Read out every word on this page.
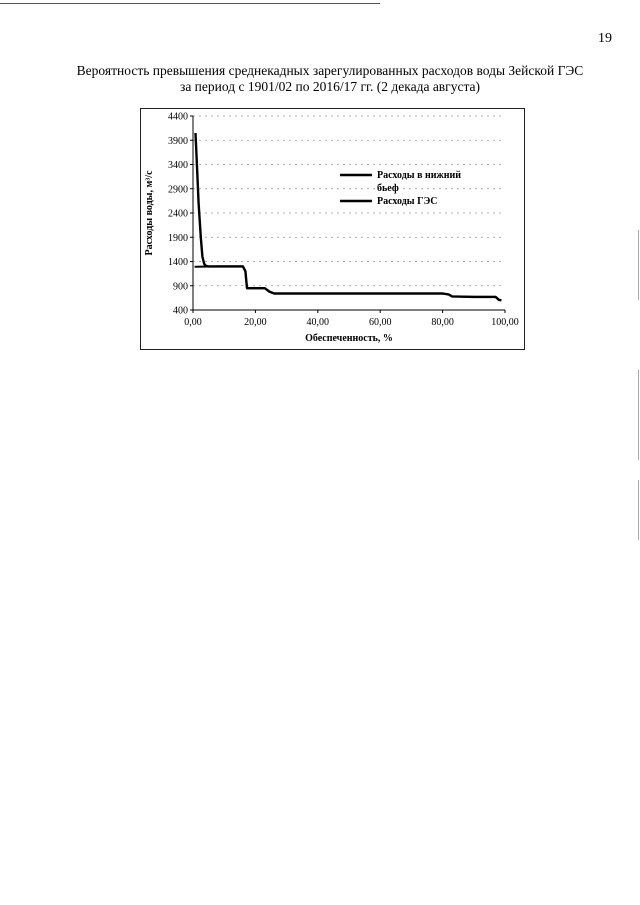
19
Вероятность превышения среднекадных зарегулированных расходов воды Зейской ГЭС
за период с 1901/02 по 2016/17 гг. (2 декада августа)
4400
3900
3400
2900
2400
1900
1400
900
400
0,00	20,00	40,00	60,00	80,00	100,00
Обеспеченность, %
Расходы воды, м³/с	Расходы в нижний
бьеф
Расходы ГЭС
